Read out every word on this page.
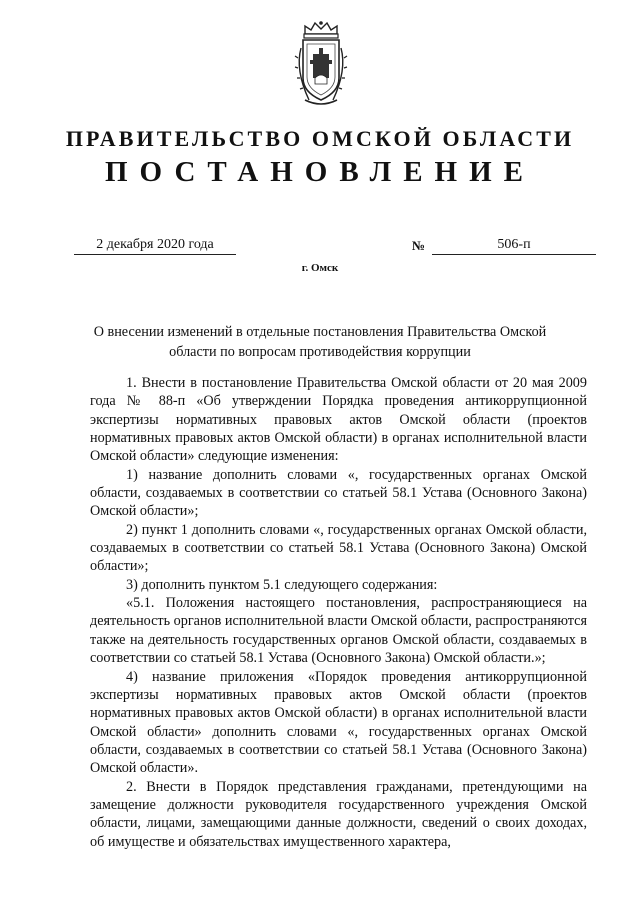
ПРАВИТЕЛЬСТВО ОМСКОЙ ОБЛАСТИ
ПОСТАНОВЛЕНИЕ
2 декабря 2020 года	№	506-п
г. Омск
О внесении изменений в отдельные постановления Правительства Омской области по вопросам противодействия коррупции

1. Внести в постановление Правительства Омской области от 20 мая 2009 года № 88-п «Об утверждении Порядка проведения антикоррупционной экспертизы нормативных правовых актов Омской области (проектов нормативных правовых актов Омской области) в органах исполнительной власти Омской области» следующие изменения:

1) название дополнить словами «, государственных органах Омской области, создаваемых в соответствии со статьей 58.1 Устава (Основного Закона) Омской области»;

2) пункт 1 дополнить словами «, государственных органах Омской области, создаваемых в соответствии со статьей 58.1 Устава (Основного Закона) Омской области»;

3) дополнить пунктом 5.1 следующего содержания:

«5.1. Положения настоящего постановления, распространяющиеся на деятельность органов исполнительной власти Омской области, распространяются также на деятельность государственных органов Омской области, создаваемых в соответствии со статьей 58.1 Устава (Основного Закона) Омской области.»;

4) название приложения «Порядок проведения антикоррупционной экспертизы нормативных правовых актов Омской области (проектов нормативных правовых актов Омской области) в органах исполнительной власти Омской области» дополнить словами «, государственных органах Омской области, создаваемых в соответствии со статьей 58.1 Устава (Основного Закона) Омской области».

2. Внести в Порядок представления гражданами, претендующими на замещение должности руководителя государственного учреждения Омской области, лицами, замещающими данные должности, сведений о своих доходах, об имуществе и обязательствах имущественного характера,
